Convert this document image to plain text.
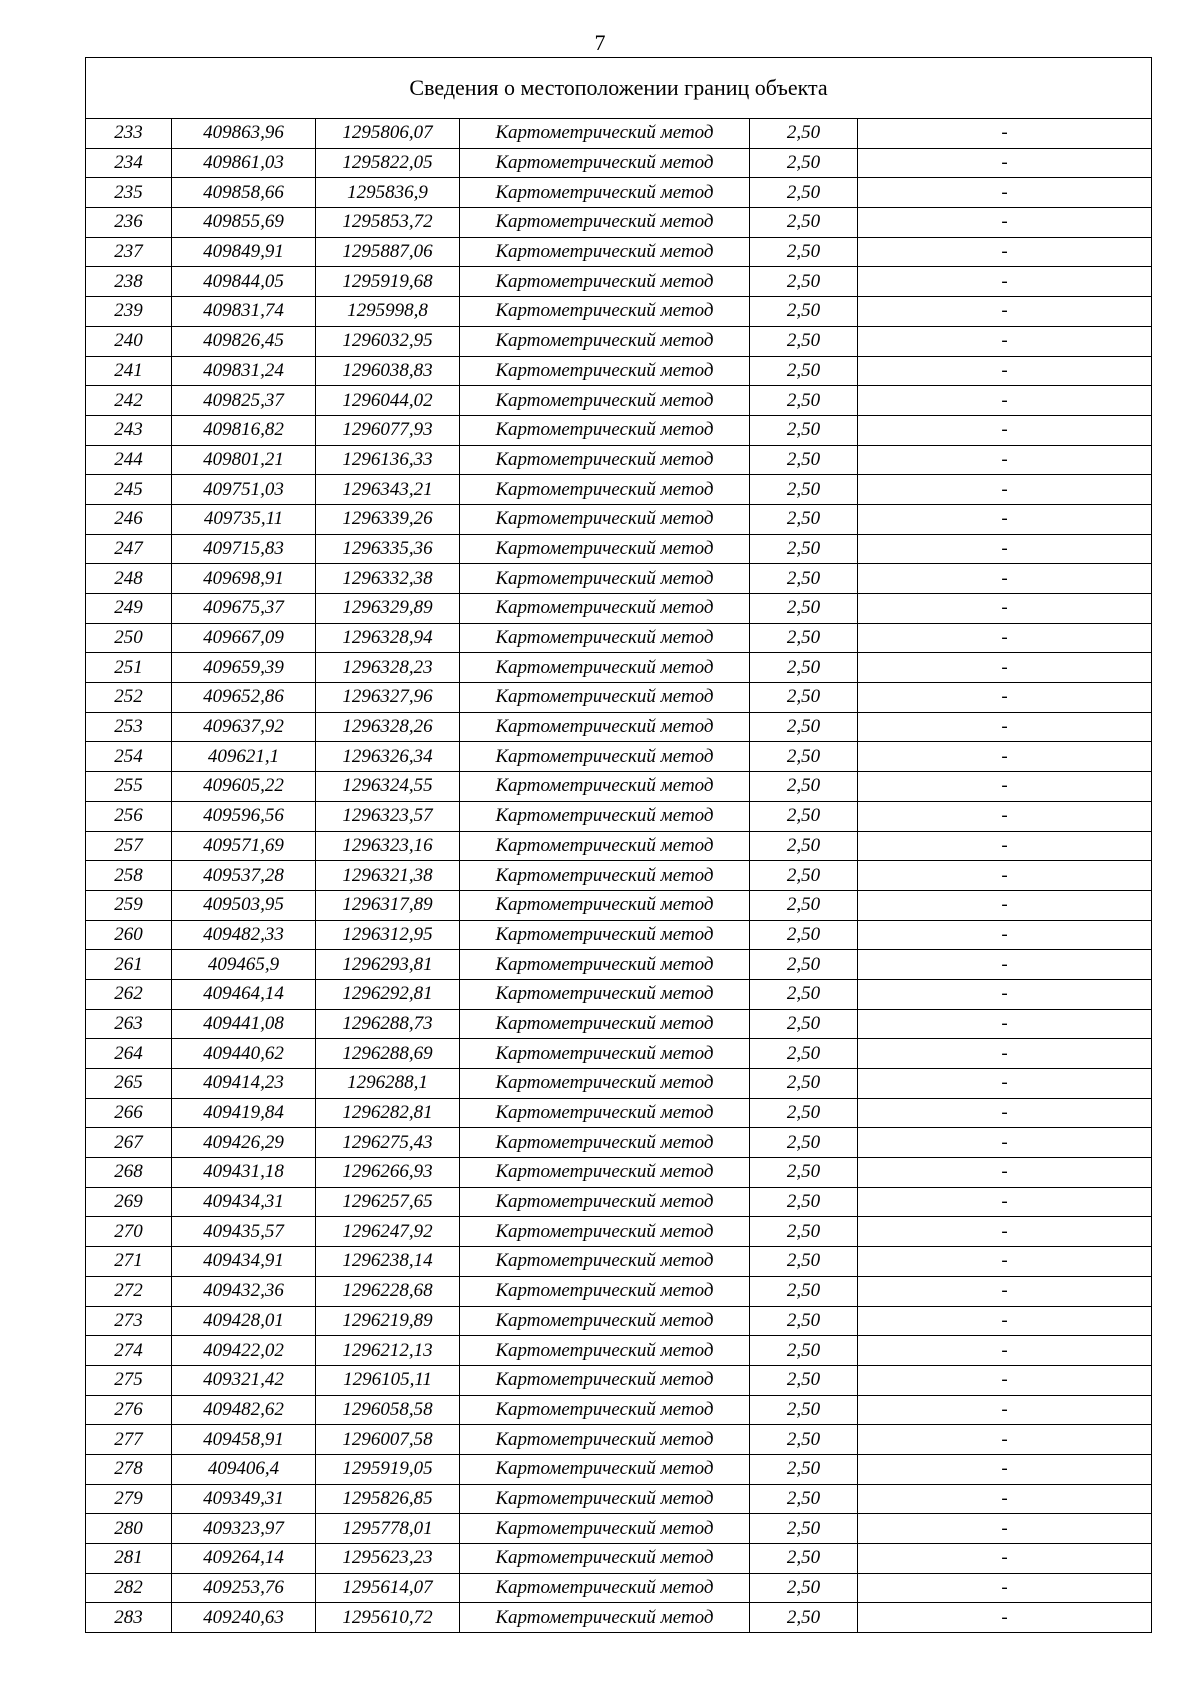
7
Сведения о местоположении границ объекта					
233	409863,96	1295806,07	Картометрический метод	2,50	-
234	409861,03	1295822,05	Картометрический метод	2,50	-
235	409858,66	1295836,9	Картометрический метод	2,50	-
236	409855,69	1295853,72	Картометрический метод	2,50	-
237	409849,91	1295887,06	Картометрический метод	2,50	-
238	409844,05	1295919,68	Картометрический метод	2,50	-
239	409831,74	1295998,8	Картометрический метод	2,50	-
240	409826,45	1296032,95	Картометрический метод	2,50	-
241	409831,24	1296038,83	Картометрический метод	2,50	-
242	409825,37	1296044,02	Картометрический метод	2,50	-
243	409816,82	1296077,93	Картометрический метод	2,50	-
244	409801,21	1296136,33	Картометрический метод	2,50	-
245	409751,03	1296343,21	Картометрический метод	2,50	-
246	409735,11	1296339,26	Картометрический метод	2,50	-
247	409715,83	1296335,36	Картометрический метод	2,50	-
248	409698,91	1296332,38	Картометрический метод	2,50	-
249	409675,37	1296329,89	Картометрический метод	2,50	-
250	409667,09	1296328,94	Картометрический метод	2,50	-
251	409659,39	1296328,23	Картометрический метод	2,50	-
252	409652,86	1296327,96	Картометрический метод	2,50	-
253	409637,92	1296328,26	Картометрический метод	2,50	-
254	409621,1	1296326,34	Картометрический метод	2,50	-
255	409605,22	1296324,55	Картометрический метод	2,50	-
256	409596,56	1296323,57	Картометрический метод	2,50	-
257	409571,69	1296323,16	Картометрический метод	2,50	-
258	409537,28	1296321,38	Картометрический метод	2,50	-
259	409503,95	1296317,89	Картометрический метод	2,50	-
260	409482,33	1296312,95	Картометрический метод	2,50	-
261	409465,9	1296293,81	Картометрический метод	2,50	-
262	409464,14	1296292,81	Картометрический метод	2,50	-
263	409441,08	1296288,73	Картометрический метод	2,50	-
264	409440,62	1296288,69	Картометрический метод	2,50	-
265	409414,23	1296288,1	Картометрический метод	2,50	-
266	409419,84	1296282,81	Картометрический метод	2,50	-
267	409426,29	1296275,43	Картометрический метод	2,50	-
268	409431,18	1296266,93	Картометрический метод	2,50	-
269	409434,31	1296257,65	Картометрический метод	2,50	-
270	409435,57	1296247,92	Картометрический метод	2,50	-
271	409434,91	1296238,14	Картометрический метод	2,50	-
272	409432,36	1296228,68	Картометрический метод	2,50	-
273	409428,01	1296219,89	Картометрический метод	2,50	-
274	409422,02	1296212,13	Картометрический метод	2,50	-
275	409321,42	1296105,11	Картометрический метод	2,50	-
276	409482,62	1296058,58	Картометрический метод	2,50	-
277	409458,91	1296007,58	Картометрический метод	2,50	-
278	409406,4	1295919,05	Картометрический метод	2,50	-
279	409349,31	1295826,85	Картометрический метод	2,50	-
280	409323,97	1295778,01	Картометрический метод	2,50	-
281	409264,14	1295623,23	Картометрический метод	2,50	-
282	409253,76	1295614,07	Картометрический метод	2,50	-
283	409240,63	1295610,72	Картометрический метод	2,50	-
